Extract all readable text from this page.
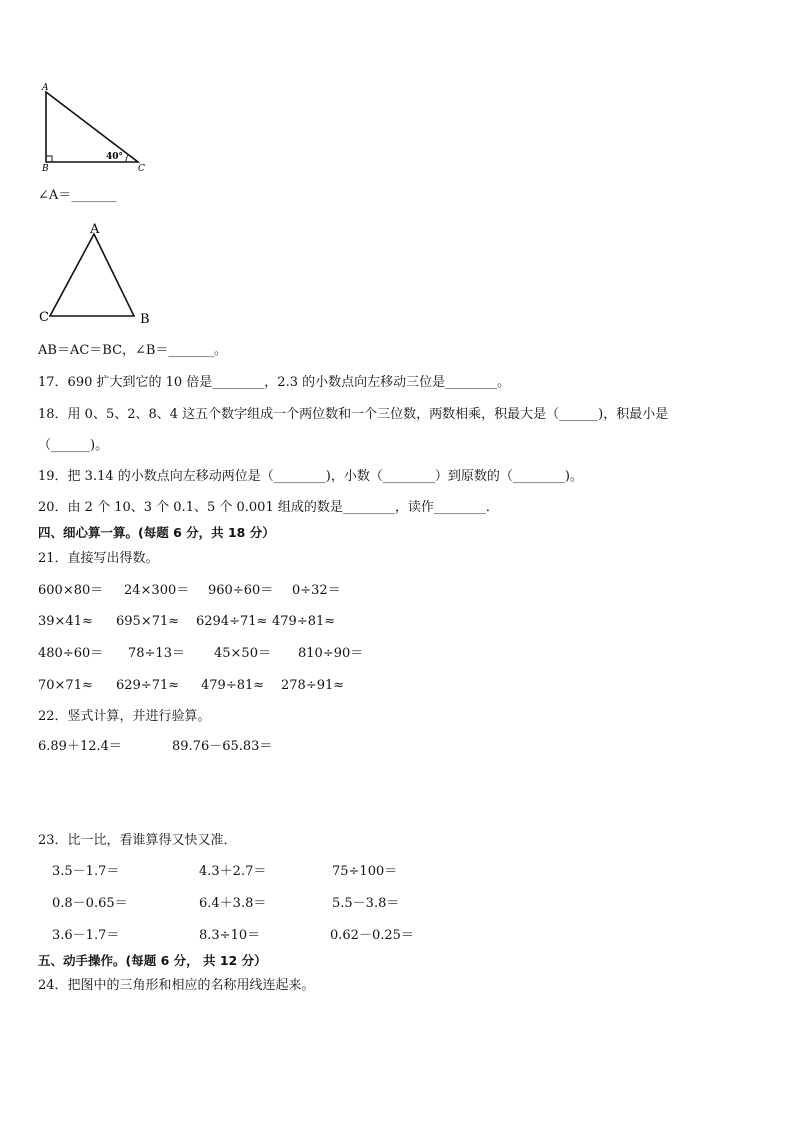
A
B	C
40°
∠A＝_______
A
C	B
AB＝AC＝BC，∠B＝_______。
17．690 扩大到它的 10 倍是________，2.3 的小数点向左移动三位是________。
18．用 0、5、2、8、4 这五个数字组成一个两位数和一个三位数，两数相乘，积最大是（______)，积最小是
（______)。
19．把 3.14 的小数点向左移动两位是（________)，小数（________）到原数的（________)。
20．由 2 个 10、3 个 0.1、5 个 0.001 组成的数是________，读作________．
四、细心算一算。(每题 6 分，共 18 分）
21．直接写出得数。
600×80＝ 24×300＝ 960÷60＝ 0÷32＝
39×41≈ 695×71≈ 6294÷71≈ 479÷81≈
480÷60＝ 78÷13＝ 45×50＝ 810÷90＝
70×71≈ 629÷71≈ 479÷81≈ 278÷91≈
22．竖式计算，并进行验算。
6.89＋12.4＝	89.76－65.83＝
23．比一比，看谁算得又快又准．
3.5－1.7＝	4.3＋2.7＝	75÷100＝
0.8－0.65＝	6.4＋3.8＝	5.5－3.8＝
3.6－1.7＝	8.3÷10＝	0.62－0.25＝
五、动手操作。(每题 6 分， 共 12 分）
24．把图中的三角形和相应的名称用线连起来。
